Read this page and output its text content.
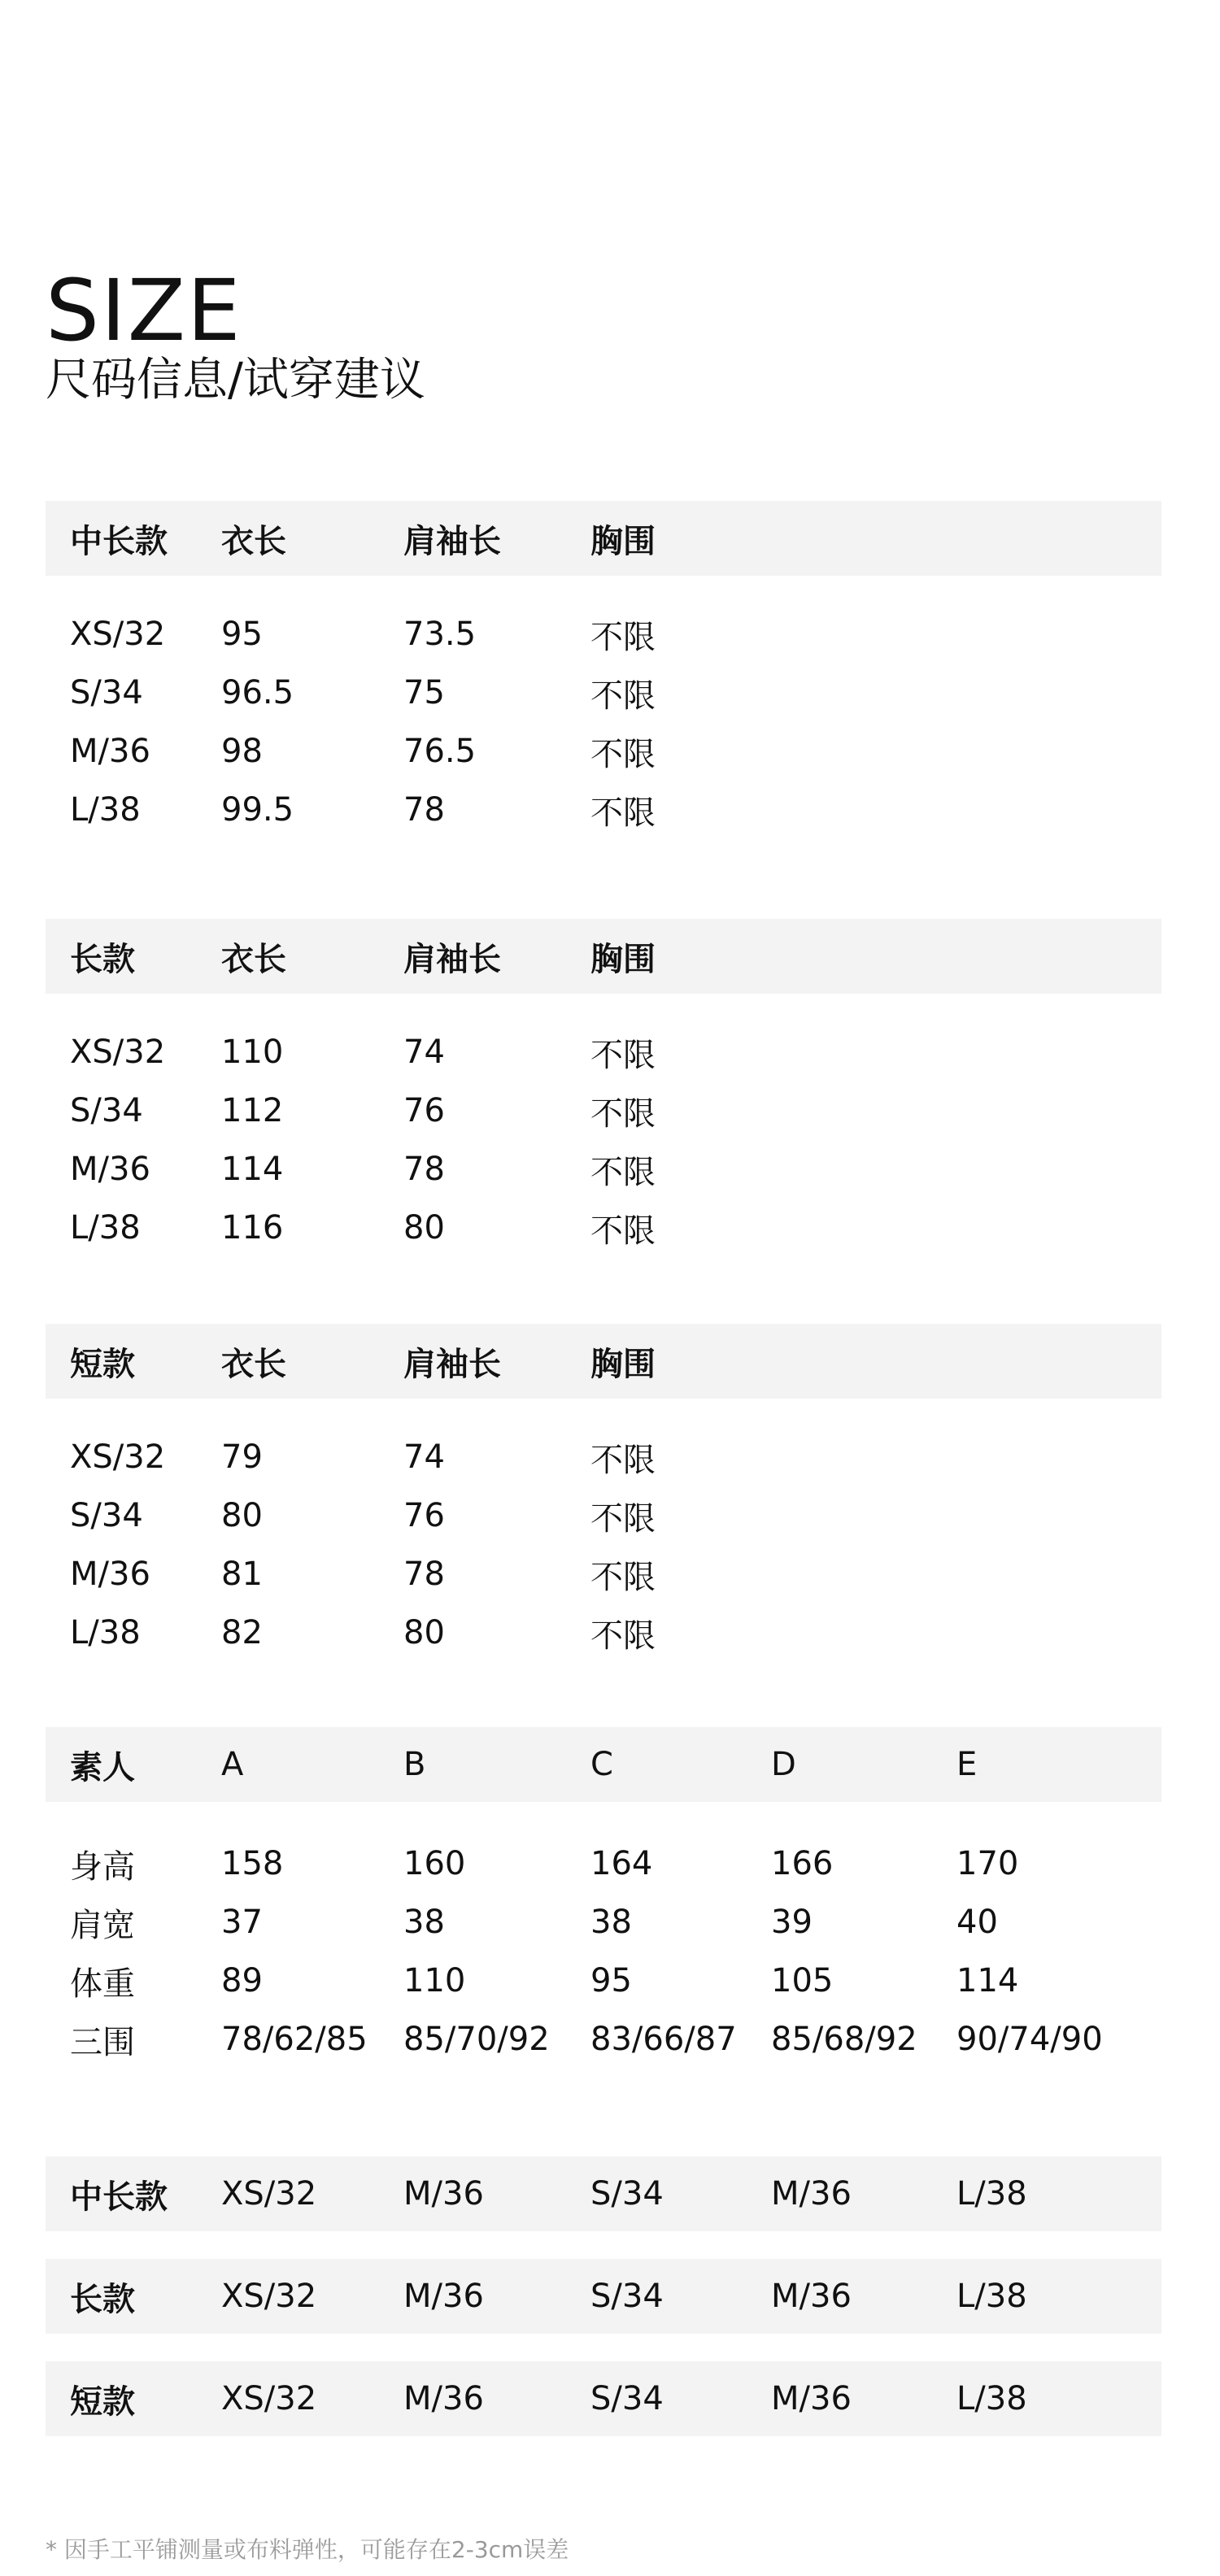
SIZE
尺码信息/试穿建议
中长款 衣长	肩袖长	胸围
XS/32 95	73.5	不限
S/34 96.5	75	不限
M/36 98	76.5	不限
L/38 99.5	78	不限
长款	衣长	肩袖长	胸围
XS/32 110	74	不限
S/34 112	76	不限
M/36 114	78	不限
L/38 116	80	不限
短款	衣长	肩袖长	胸围
XS/32 79	74	不限
S/34 80	76	不限
M/36 81	78	不限
L/38 82	80	不限
素人	A	B	C	D	E
身高	158	160	164	166	170
肩宽	37	38	38	39	40
体重	89	110	95	105	114
三围	78/62/85 85/70/92 83/66/87 85/68/92 90/74/90
中长款 XS/32	M/36	S/34	M/36	L/38
长款	XS/32	M/36	S/34	M/36	L/38
短款	XS/32	M/36	S/34	M/36	L/38
* 因手工平铺测量或布料弹性，可能存在2-3cm误差
